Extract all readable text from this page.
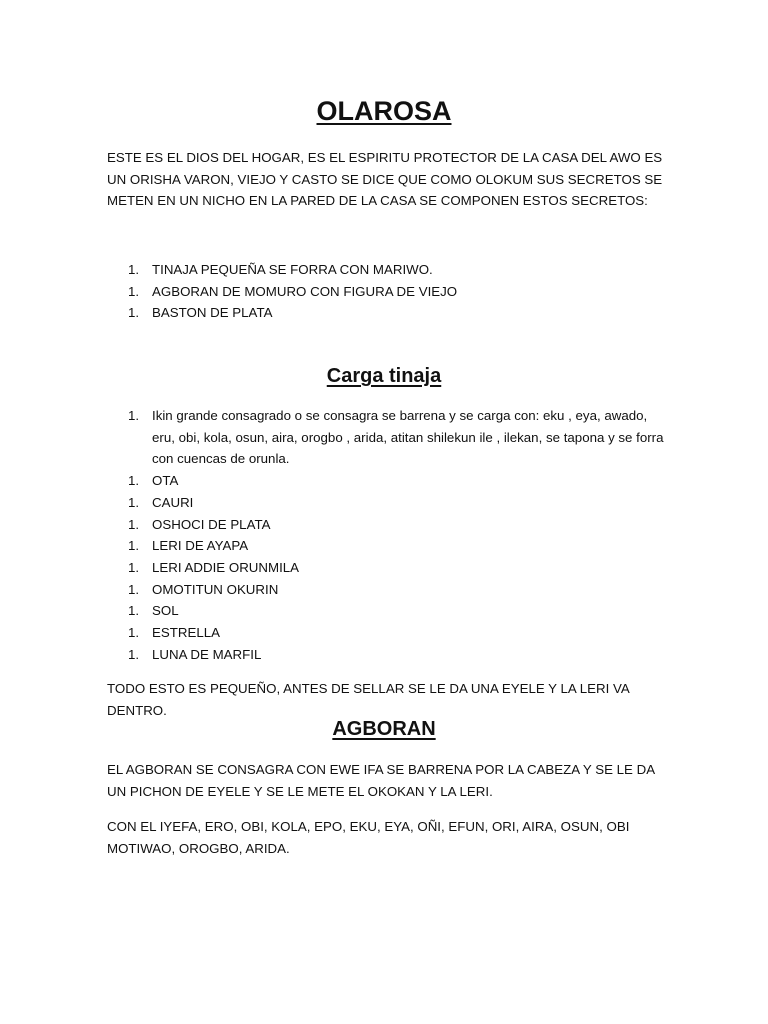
OLAROSA

ESTE ES EL DIOS DEL HOGAR, ES EL ESPIRITU PROTECTOR DE LA CASA DEL AWO ES UN ORISHA VARON, VIEJO Y CASTO SE DICE QUE COMO OLOKUM SUS SECRETOS SE METEN EN UN NICHO EN LA PARED DE LA CASA SE COMPONEN ESTOS SECRETOS:

1. TINAJA PEQUEÑA SE FORRA CON MARIWO.
1. AGBORAN DE MOMURO CON FIGURA DE VIEJO
1. BASTON DE PLATA
Carga tinaja
1. Ikin grande consagrado o se consagra se barrena y se carga con: eku , eya, awado, eru, obi, kola, osun, aira, orogbo , arida, atitan shilekun ile , ilekan, se tapona y se forra con cuencas de orunla.
1. OTA
1. CAURI
1. OSHOCI DE PLATA
1. LERI DE AYAPA
1. LERI ADDIE ORUNMILA
1. OMOTITUN OKURIN
1. SOL
1. ESTRELLA
1. LUNA DE MARFIL

TODO ESTO ES PEQUEÑO, ANTES DE SELLAR SE LE DA UNA EYELE Y LA LERI VA DENTRO.

AGBORAN

EL AGBORAN SE CONSAGRA CON EWE IFA SE BARRENA POR LA CABEZA Y SE LE DA UN PICHON DE EYELE Y SE LE METE EL OKOKAN Y LA LERI.

CON EL IYEFA, ERO, OBI, KOLA, EPO, EKU, EYA, OÑI, EFUN, ORI, AIRA, OSUN, OBI MOTIWAO, OROGBO, ARIDA.
